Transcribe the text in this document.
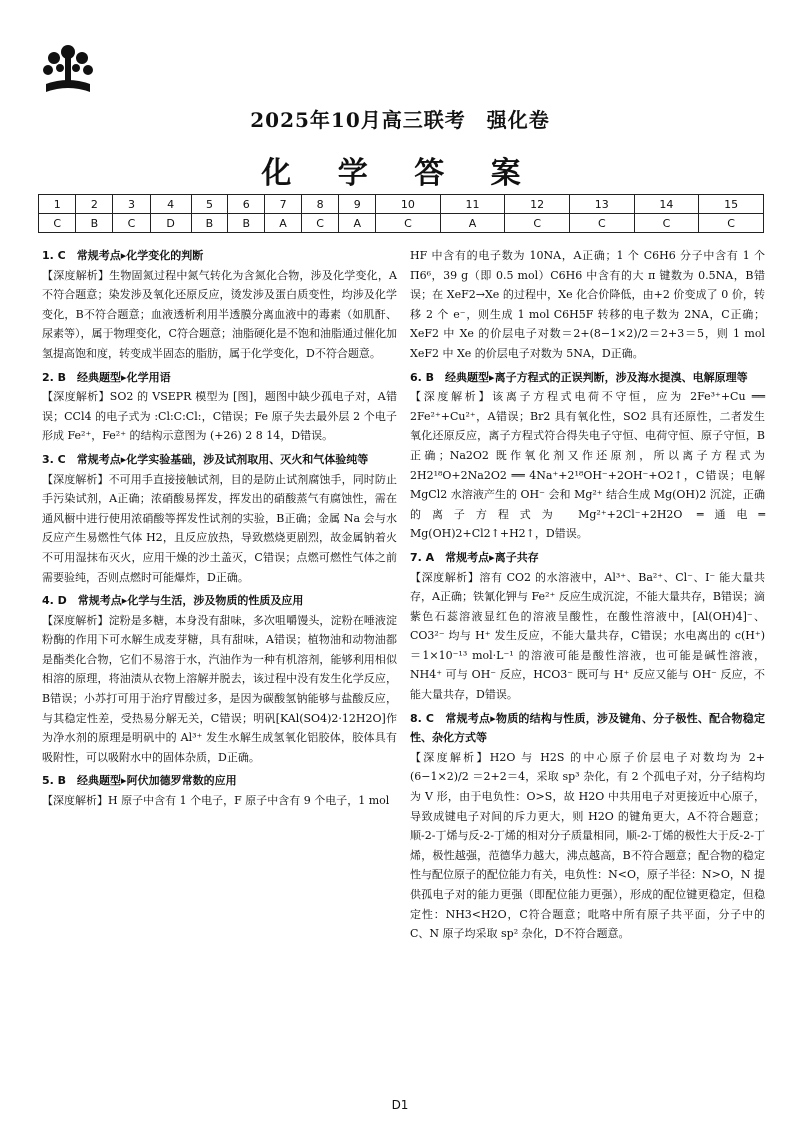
2025年10月高三联考　强化卷
化 学 答 案
1	2	3	4	5	6	7	8	9	10	11	12	13	14	15
C	B	C	D	B	B	A	C	A	C	A	C	C	C	C

1. C　常规考点▸化学变化的判断

【深度解析】生物固氮过程中氮气转化为含氮化合物，涉及化学变化，A不符合题意；染发涉及氧化还原反应，烫发涉及蛋白质变性，均涉及化学变化，B不符合题意；血液透析利用半透膜分离血液中的毒素（如肌酐、尿素等），属于物理变化，C符合题意；油脂硬化是不饱和油脂通过催化加氢提高饱和度，转变成半固态的脂肪，属于化学变化，D不符合题意。

2. B　经典题型▸化学用语

【深度解析】SO2 的 VSEPR 模型为 [图]，题图中缺少孤电子对，A错误；CCl4 的电子式为 :Cl:C:Cl:，C错误；Fe 原子失去最外层 2 个电子形成 Fe²⁺，Fe²⁺ 的结构示意图为 (+26) 2 8 14，D错误。

3. C　常规考点▸化学实验基础，涉及试剂取用、灭火和气体验纯等

【深度解析】不可用手直接接触试剂，目的是防止试剂腐蚀手，同时防止手污染试剂，A正确；浓硝酸易挥发，挥发出的硝酸蒸气有腐蚀性，需在通风橱中进行使用浓硝酸等挥发性试剂的实验，B正确；金属 Na 会与水反应产生易燃性气体 H2，且反应放热，导致燃烧更剧烈，故金属钠着火不可用湿抹布灭火，应用干燥的沙土盖灭，C错误；点燃可燃性气体之前需要验纯，否则点燃时可能爆炸，D正确。

4. D　常规考点▸化学与生活，涉及物质的性质及应用

【深度解析】淀粉是多糖，本身没有甜味，多次咀嚼馒头，淀粉在唾液淀粉酶的作用下可水解生成麦芽糖，具有甜味，A错误；植物油和动物油都是酯类化合物，它们不易溶于水，汽油作为一种有机溶剂，能够利用相似相溶的原理，将油渍从衣物上溶解并脱去，该过程中没有发生化学反应，B错误；小苏打可用于治疗胃酸过多，是因为碳酸氢钠能够与盐酸反应，与其稳定性差，受热易分解无关，C错误；明矾[KAl(SO4)2·12H2O]作为净水剂的原理是明矾中的 Al³⁺ 发生水解生成氢氧化铝胶体，胶体具有吸附性，可以吸附水中的固体杂质，D正确。

5. B　经典题型▸阿伏加德罗常数的应用

【深度解析】H 原子中含有 1 个电子，F 原子中含有 9 个电子，1 mol

HF 中含有的电子数为 10NA，A正确；1 个 C6H6 分子中含有 1 个 Π6⁶，39 g（即 0.5 mol）C6H6 中含有的大 π 键数为 0.5NA，B错误；在 XeF2→Xe 的过程中，Xe 化合价降低，由+2 价变成了 0 价，转移 2 个 e⁻，则生成 1 mol C6H5F 转移的电子数为 2NA，C正确；XeF2 中 Xe 的价层电子对数＝2+(8−1×2)/2＝2+3＝5，则 1 mol XeF2 中 Xe 的价层电子对数为 5NA，D正确。

6. B　经典题型▸离子方程式的正误判断，涉及海水提溴、电解原理等

【深度解析】该离子方程式电荷不守恒，应为 2Fe³⁺+Cu ══ 2Fe²⁺+Cu²⁺，A错误；Br2 具有氧化性，SO2 具有还原性，二者发生氧化还原反应，离子方程式符合得失电子守恒、电荷守恒、原子守恒，B正确；Na2O2 既作氧化剂又作还原剂，所以离子方程式为 2H2¹⁸O+2Na2O2 ══ 4Na⁺+2¹⁸OH⁻+2OH⁻+O2↑，C错误；电解 MgCl2 水溶液产生的 OH⁻ 会和 Mg²⁺ 结合生成 Mg(OH)2 沉淀，正确的离子方程式为 Mg²⁺+2Cl⁻+2H2O ═通电═ Mg(OH)2+Cl2↑+H2↑，D错误。

7. A　常规考点▸离子共存

【深度解析】溶有 CO2 的水溶液中，Al³⁺、Ba²⁺、Cl⁻、I⁻ 能大量共存，A正确；铁氰化钾与 Fe²⁺ 反应生成沉淀，不能大量共存，B错误；滴紫色石蕊溶液显红色的溶液呈酸性，在酸性溶液中，[Al(OH)4]⁻、CO3²⁻ 均与 H⁺ 发生反应，不能大量共存，C错误；水电离出的 c(H⁺)＝1×10⁻¹³ mol·L⁻¹ 的溶液可能是酸性溶液，也可能是碱性溶液，NH4⁺ 可与 OH⁻ 反应，HCO3⁻ 既可与 H⁺ 反应又能与 OH⁻ 反应，不能大量共存，D错误。

8. C　常规考点▸物质的结构与性质，涉及键角、分子极性、配合物稳定性、杂化方式等

【深度解析】H2O 与 H2S 的中心原子价层电子对数均为 2+(6−1×2)/2 ＝2+2＝4，采取 sp³ 杂化，有 2 个孤电子对，分子结构均为 V 形，由于电负性：O>S，故 H2O 中共用电子对更接近中心原子，导致成键电子对间的斥力更大，则 H2O 的键角更大，A不符合题意；顺-2-丁烯与反-2-丁烯的相对分子质量相同，顺-2-丁烯的极性大于反-2-丁烯，极性越强，范德华力越大，沸点越高，B不符合题意；配合物的稳定性与配位原子的配位能力有关，电负性：N<O，原子半径：N>O，N 提供孤电子对的能力更强（即配位能力更强），形成的配位键更稳定，但稳定性：NH3<H2O，C符合题意；吡咯中所有原子共平面，分子中的 C、N 原子均采取 sp² 杂化，D不符合题意。

D1
